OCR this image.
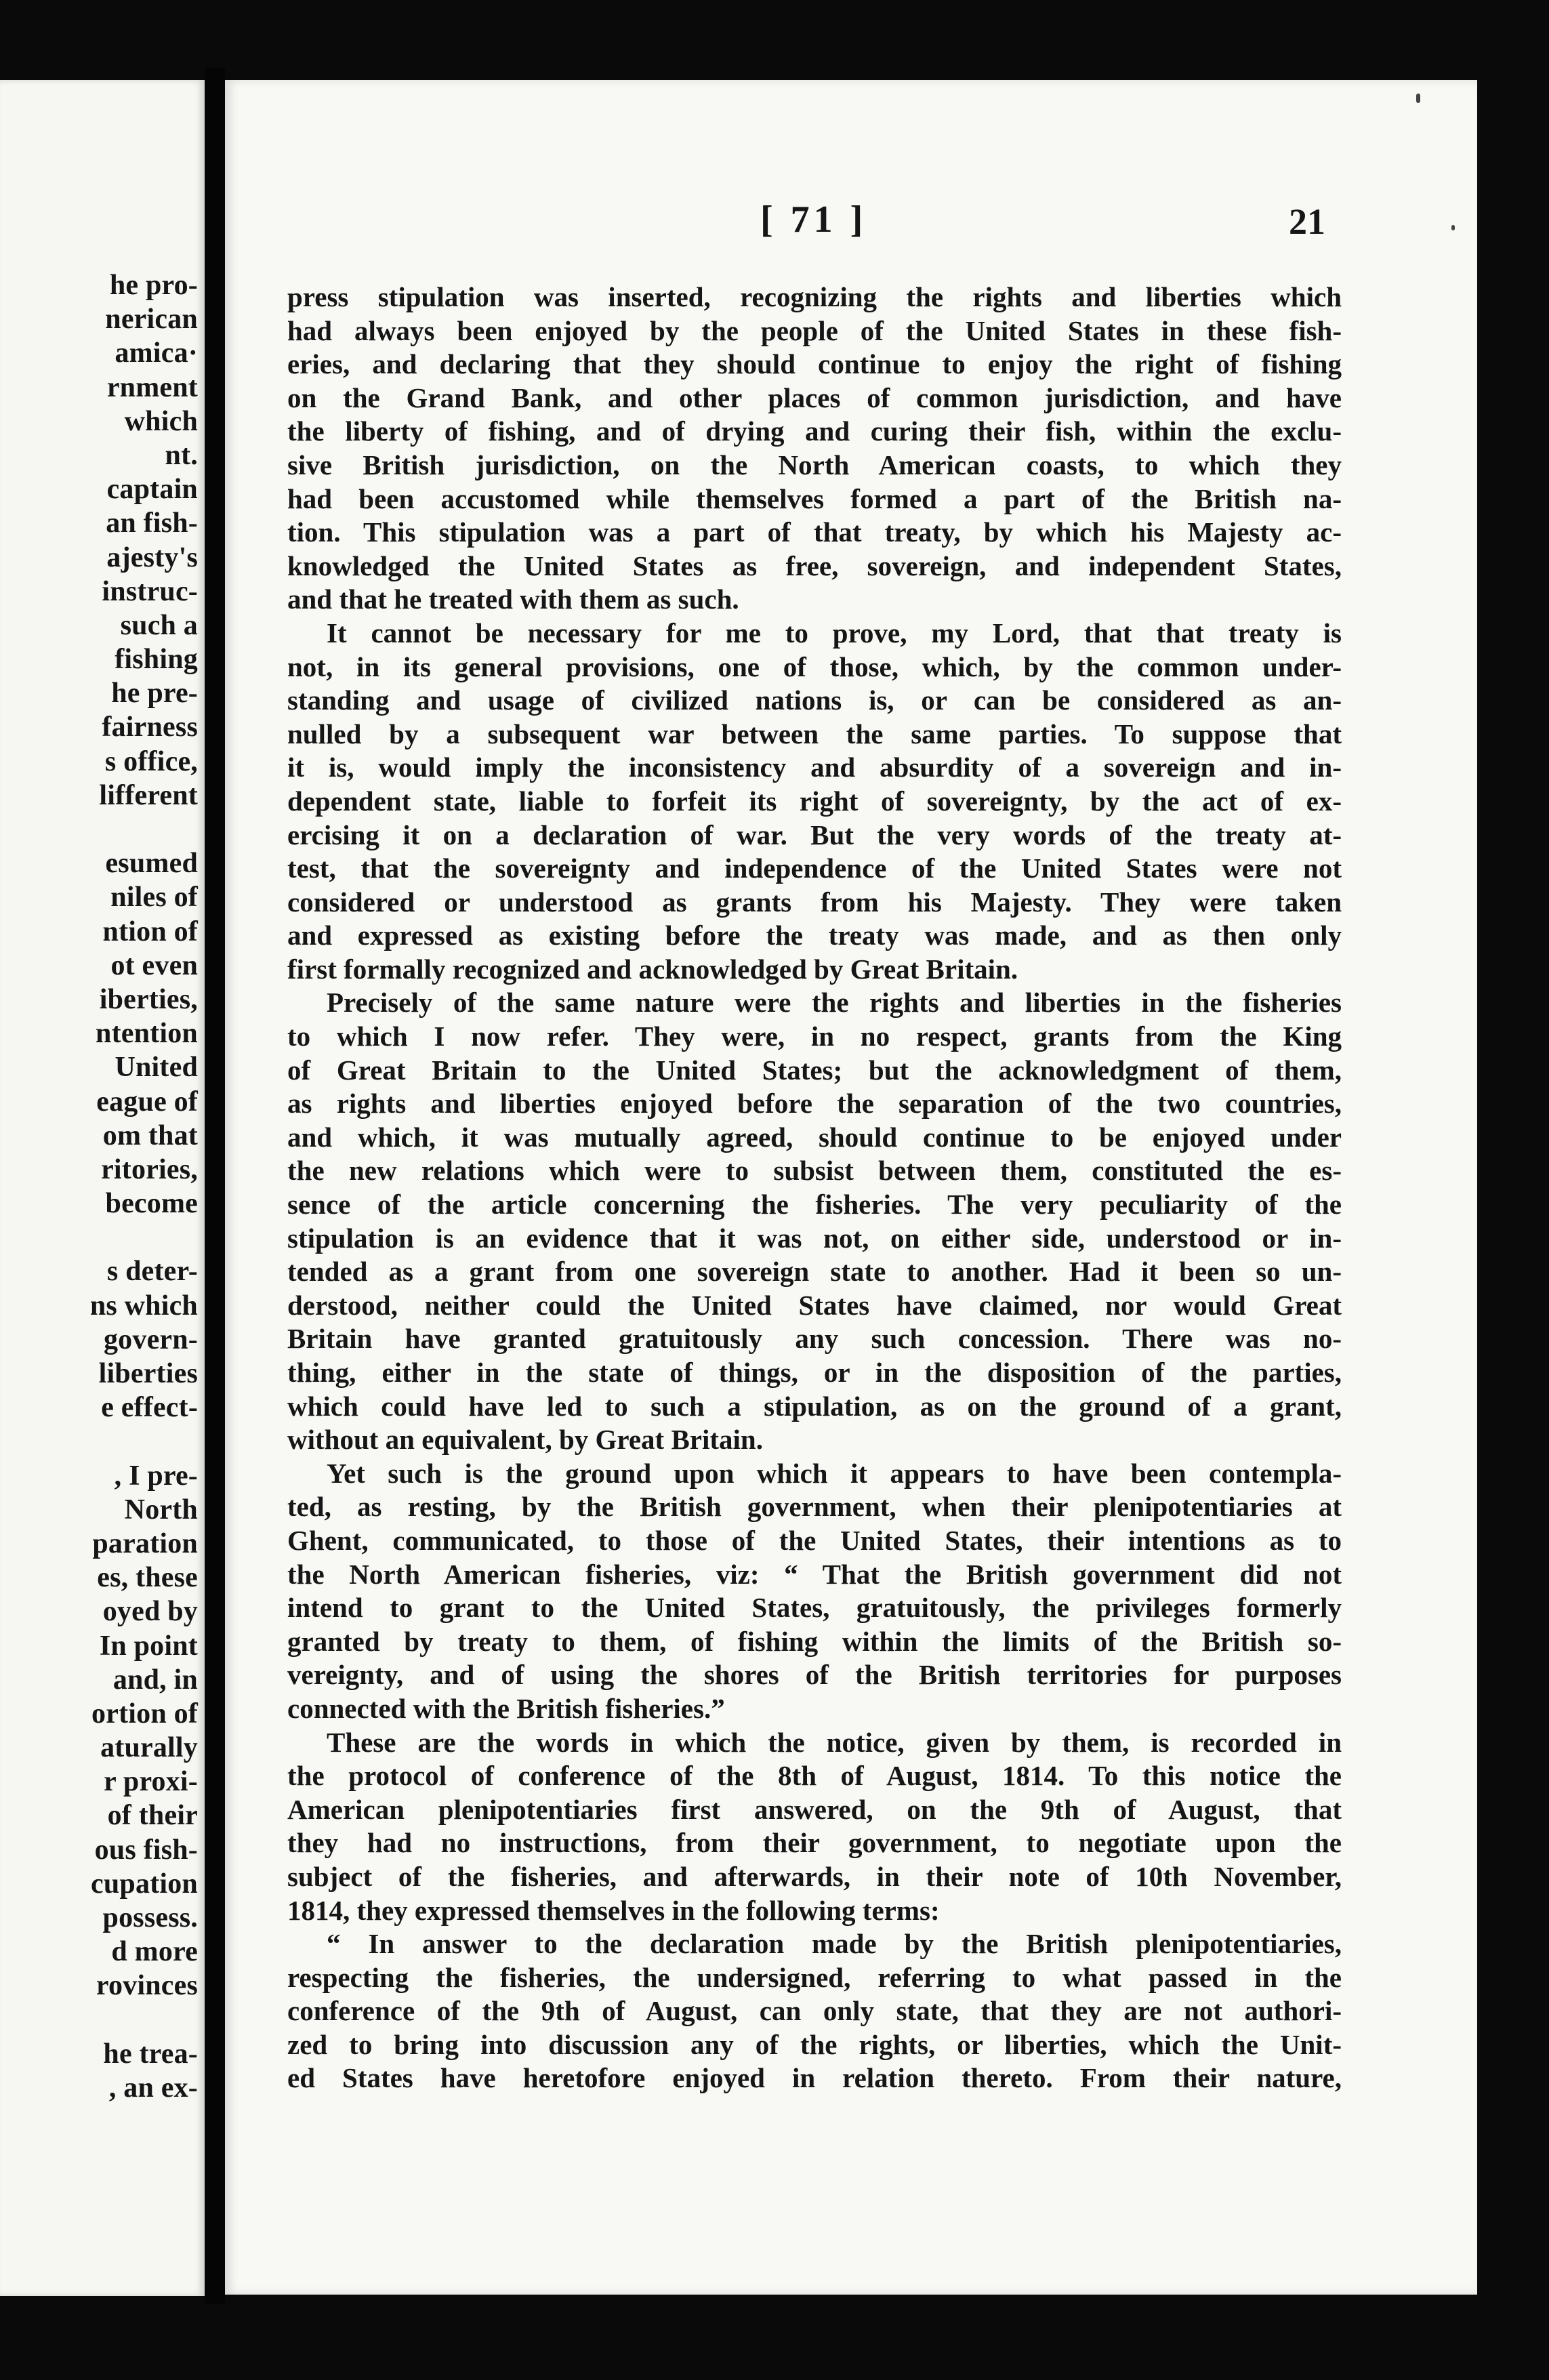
he pro-
nerican
amica·
rnment
which
nt.
captain
an fish-
ajesty's
instruc-
such a
fishing
he pre-
fairness
s office,
lifferent
esumed
niles of
ntion of
ot even
iberties,
ntention
United
eague of
om that
ritories,
become
s deter-
ns which
govern-
liberties
e effect-
, I pre-
North
paration
es, these
oyed by
In point
and, in
ortion of
aturally
r proxi-
of their
ous fish-
cupation
possess.
d more
rovinces
he trea-
, an ex-
[ 71 ]	21
press stipulation was inserted, recognizing the rights and liberties which
had always been enjoyed by the people of the United States in these fish-
eries, and declaring that they should continue to enjoy the right of fishing
on the Grand Bank, and other places of common jurisdiction, and have
the liberty of fishing, and of drying and curing their fish, within the exclu-
sive British jurisdiction, on the North American coasts, to which they
had been accustomed while themselves formed a part of the British na-
tion. This stipulation was a part of that treaty, by which his Majesty ac-
knowledged the United States as free, sovereign, and independent States,
and that he treated with them as such.
It cannot be necessary for me to prove, my Lord, that that treaty is
not, in its general provisions, one of those, which, by the common under-
standing and usage of civilized nations is, or can be considered as an-
nulled by a subsequent war between the same parties. To suppose that
it is, would imply the inconsistency and absurdity of a sovereign and in-
dependent state, liable to forfeit its right of sovereignty, by the act of ex-
ercising it on a declaration of war. But the very words of the treaty at-
test, that the sovereignty and independence of the United States were not
considered or understood as grants from his Majesty. They were taken
and expressed as existing before the treaty was made, and as then only
first formally recognized and acknowledged by Great Britain.
Precisely of the same nature were the rights and liberties in the fisheries
to which I now refer. They were, in no respect, grants from the King
of Great Britain to the United States; but the acknowledgment of them,
as rights and liberties enjoyed before the separation of the two countries,
and which, it was mutually agreed, should continue to be enjoyed under
the new relations which were to subsist between them, constituted the es-
sence of the article concerning the fisheries. The very peculiarity of the
stipulation is an evidence that it was not, on either side, understood or in-
tended as a grant from one sovereign state to another. Had it been so un-
derstood, neither could the United States have claimed, nor would Great
Britain have granted gratuitously any such concession. There was no-
thing, either in the state of things, or in the disposition of the parties,
which could have led to such a stipulation, as on the ground of a grant,
without an equivalent, by Great Britain.
Yet such is the ground upon which it appears to have been contempla-
ted, as resting, by the British government, when their plenipotentiaries at
Ghent, communicated, to those of the United States, their intentions as to
the North American fisheries, viz: “ That the British government did not
intend to grant to the United States, gratuitously, the privileges formerly
granted by treaty to them, of fishing within the limits of the British so-
vereignty, and of using the shores of the British territories for purposes
connected with the British fisheries.”
These are the words in which the notice, given by them, is recorded in
the protocol of conference of the 8th of August, 1814. To this notice the
American plenipotentiaries first answered, on the 9th of August, that
they had no instructions, from their government, to negotiate upon the
subject of the fisheries, and afterwards, in their note of 10th November,
1814, they expressed themselves in the following terms:
“ In answer to the declaration made by the British plenipotentiaries,
respecting the fisheries, the undersigned, referring to what passed in the
conference of the 9th of August, can only state, that they are not authori-
zed to bring into discussion any of the rights, or liberties, which the Unit-
ed States have heretofore enjoyed in relation thereto. From their nature,
